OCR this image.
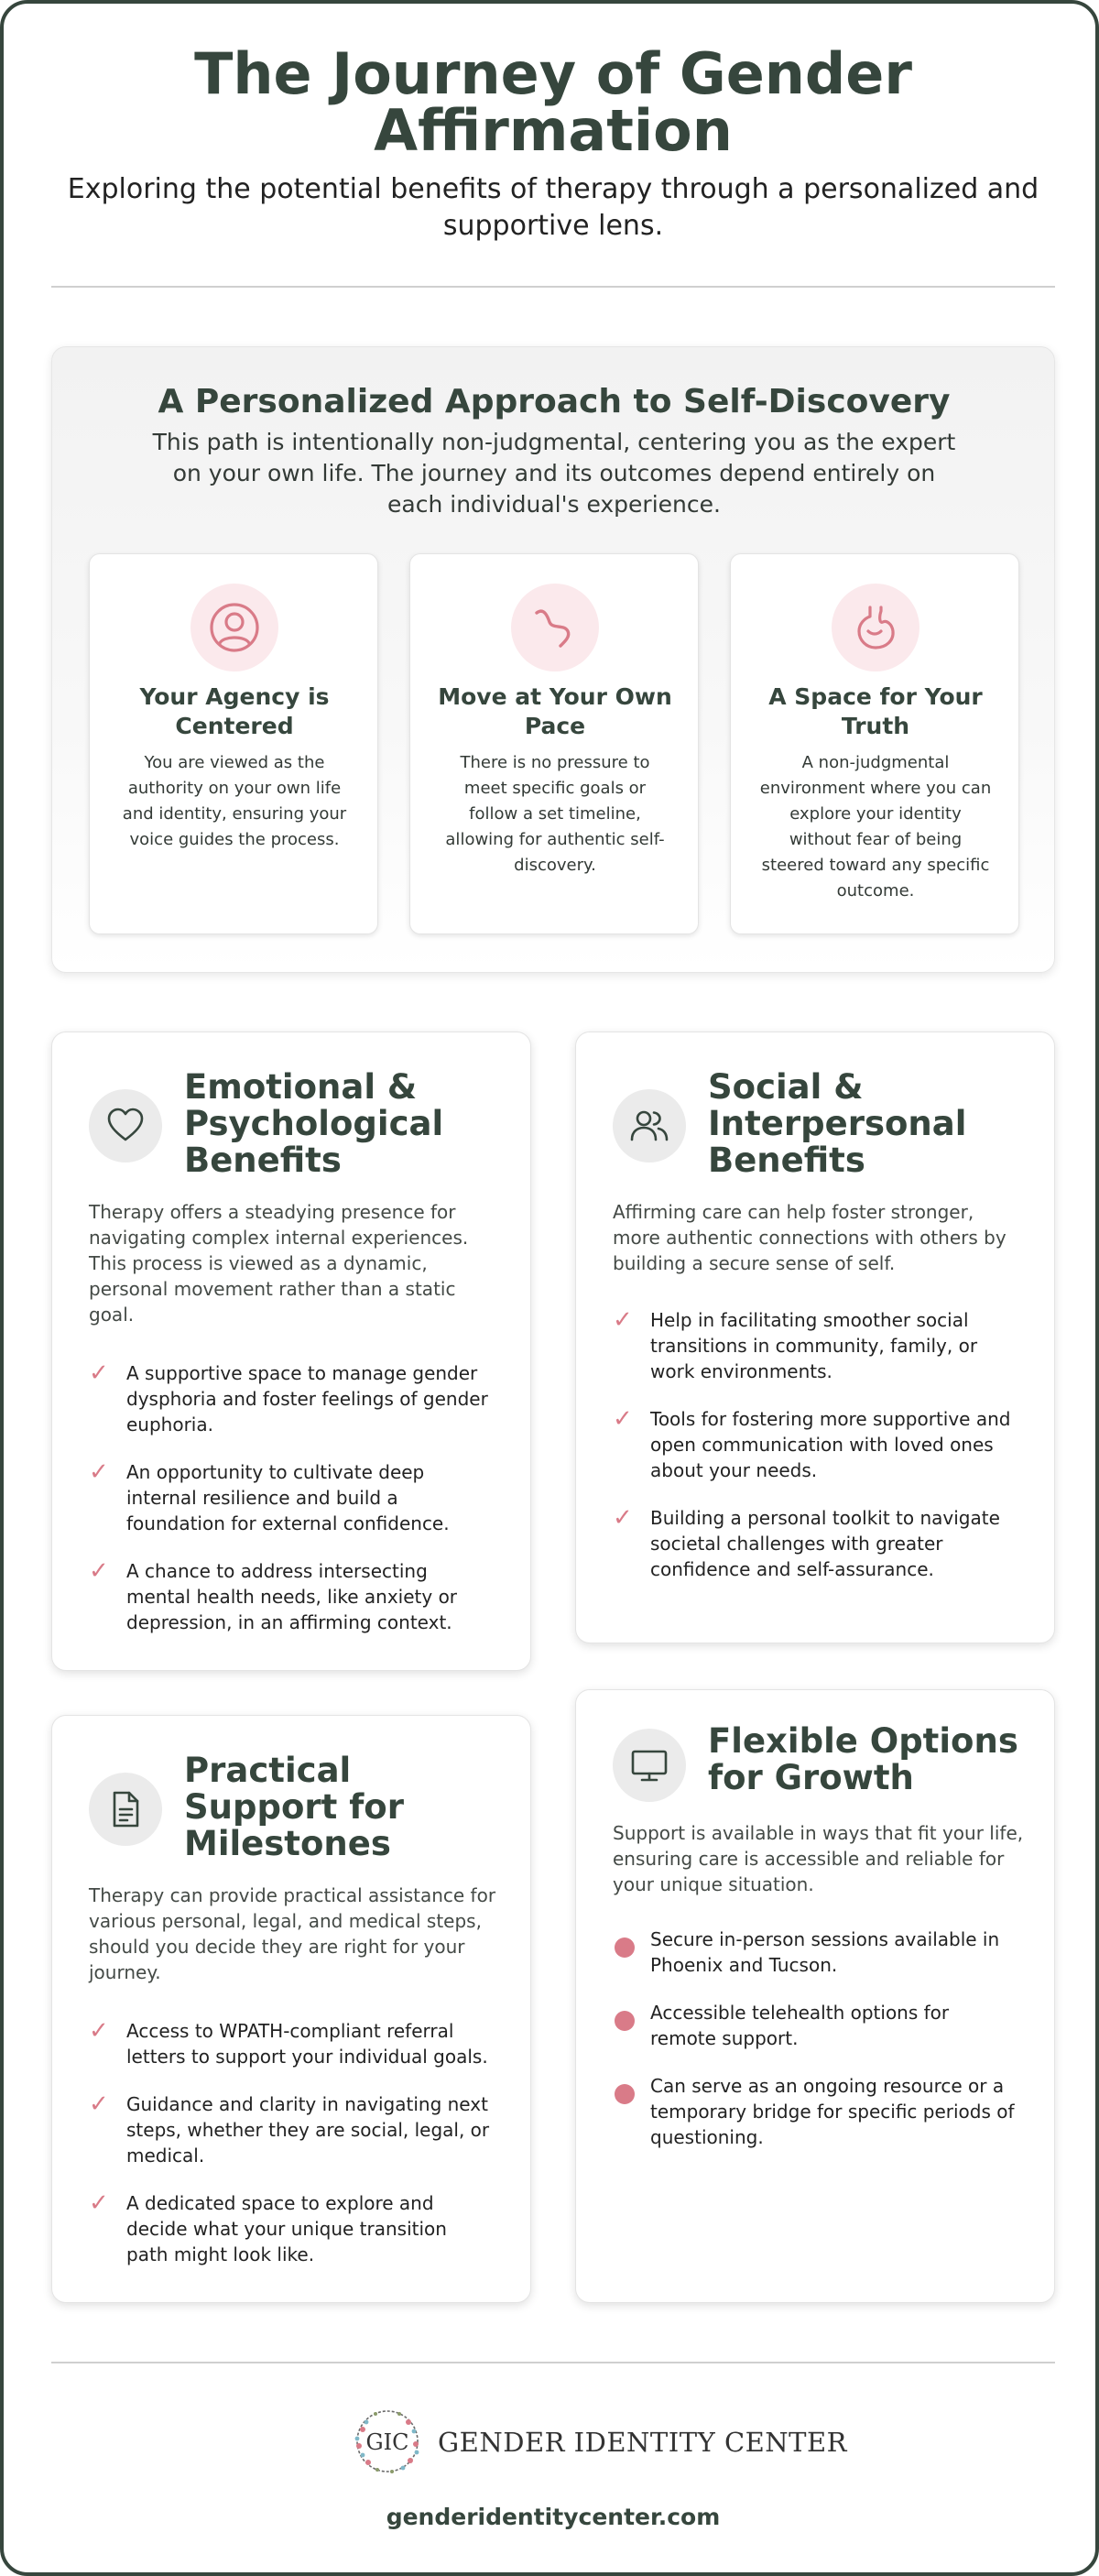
The Journey of Gender Affirmation

Exploring the potential benefits of therapy through a personalized and supportive lens.

A Personalized Approach to Self-Discovery

This path is intentionally non-judgmental, centering you as the expert on your own life. The journey and its outcomes depend entirely on each individual's experience.

Your Agency is Centered

You are viewed as the authority on your own life and identity, ensuring your voice guides the process.

Move at Your Own Pace

There is no pressure to meet specific goals or follow a set timeline, allowing for authentic self-discovery.

A Space for Your Truth

A non-judgmental environment where you can explore your identity without fear of being steered toward any specific outcome.

Emotional & Psychological Benefits

Therapy offers a steadying presence for navigating complex internal experiences. This process is viewed as a dynamic, personal movement rather than a static goal.

✓ A supportive space to manage gender dysphoria and foster feelings of gender euphoria.
✓ An opportunity to cultivate deep internal resilience and build a foundation for external confidence.
✓ A chance to address intersecting mental health needs, like anxiety or depression, in an affirming context.
Social & Interpersonal Benefits

Affirming care can help foster stronger, more authentic connections with others by building a secure sense of self.

✓ Help in facilitating smoother social transitions in community, family, or work environments.
✓ Tools for fostering more supportive and open communication with loved ones about your needs.
✓ Building a personal toolkit to navigate societal challenges with greater confidence and self-assurance.
Practical Support for Milestones

Therapy can provide practical assistance for various personal, legal, and medical steps, should you decide they are right for your journey.

✓ Access to WPATH-compliant referral letters to support your individual goals.
✓ Guidance and clarity in navigating next steps, whether they are social, legal, or medical.
✓ A dedicated space to explore and decide what your unique transition path might look like.
Flexible Options for Growth

Support is available in ways that fit your life, ensuring care is accessible and reliable for your unique situation.

Secure in-person sessions available in Phoenix and Tucson.
Accessible telehealth options for remote support.
Can serve as an ongoing resource or a temporary bridge for specific periods of questioning.
GIC GENDER IDENTITY CENTER
genderidentitycenter.com
